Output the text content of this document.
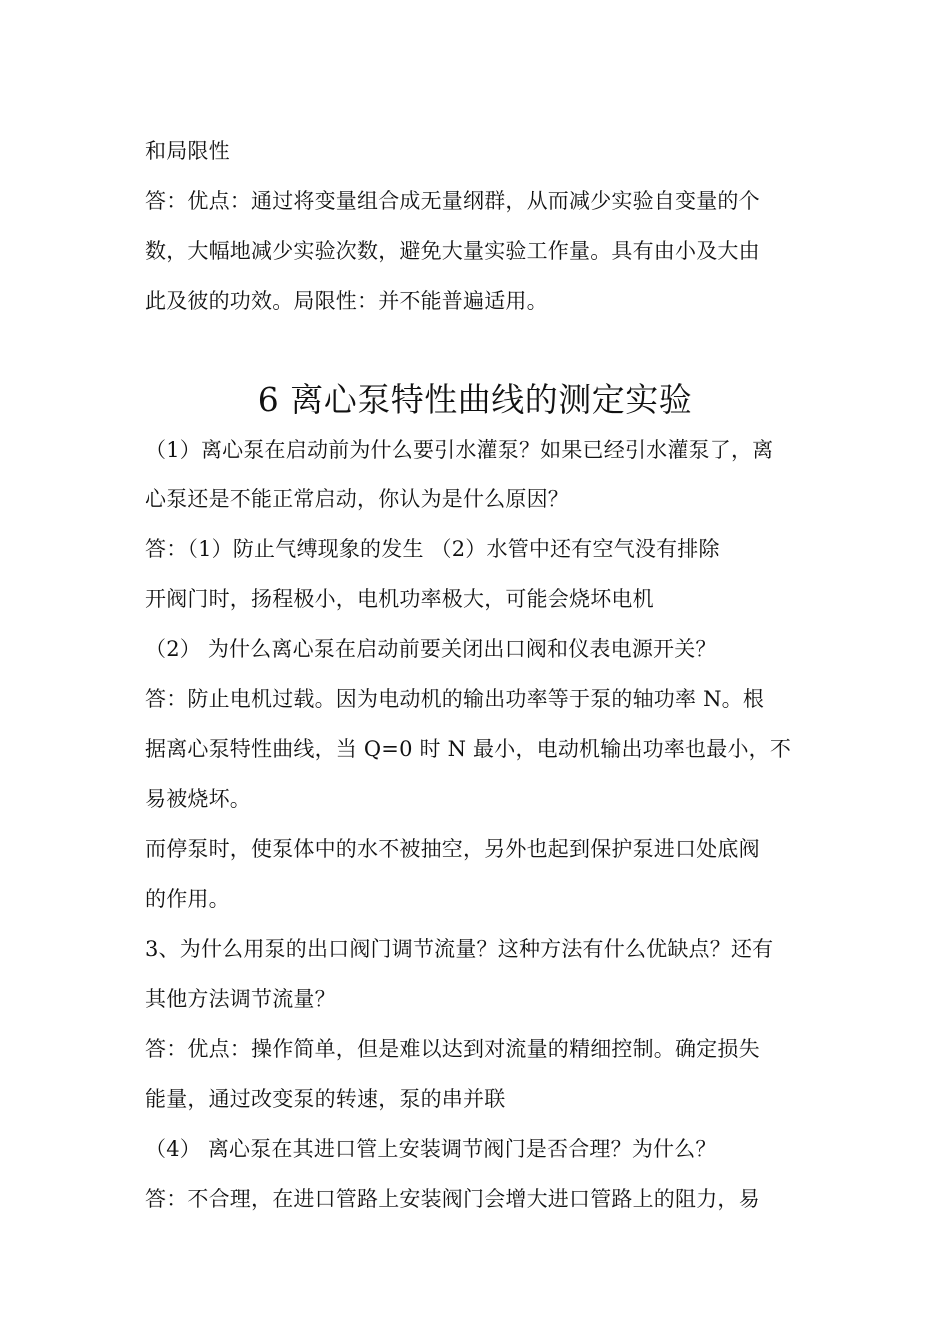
和局限性
答：优点：通过将变量组合成无量纲群，从而减少实验自变量的个
数，大幅地减少实验次数，避免大量实验工作量。具有由小及大由
此及彼的功效。局限性：并不能普遍适用。
6 离心泵特性曲线的测定实验
（1）离心泵在启动前为什么要引水灌泵？如果已经引水灌泵了，离
心泵还是不能正常启动，你认为是什么原因？
答：（1）防止气缚现象的发生 （2）水管中还有空气没有排除
开阀门时，扬程极小，电机功率极大，可能会烧坏电机
（2） 为什么离心泵在启动前要关闭出口阀和仪表电源开关？
答：防止电机过载。因为电动机的输出功率等于泵的轴功率 N。根
据离心泵特性曲线，当 Q=0 时 N 最小，电动机输出功率也最小，不
易被烧坏。
而停泵时，使泵体中的水不被抽空，另外也起到保护泵进口处底阀
的作用。
3、为什么用泵的出口阀门调节流量？这种方法有什么优缺点？还有
其他方法调节流量？
答：优点：操作简单，但是难以达到对流量的精细控制。确定损失
能量，通过改变泵的转速，泵的串并联
（4） 离心泵在其进口管上安装调节阀门是否合理？为什么？
答：不合理，在进口管路上安装阀门会增大进口管路上的阻力，易
